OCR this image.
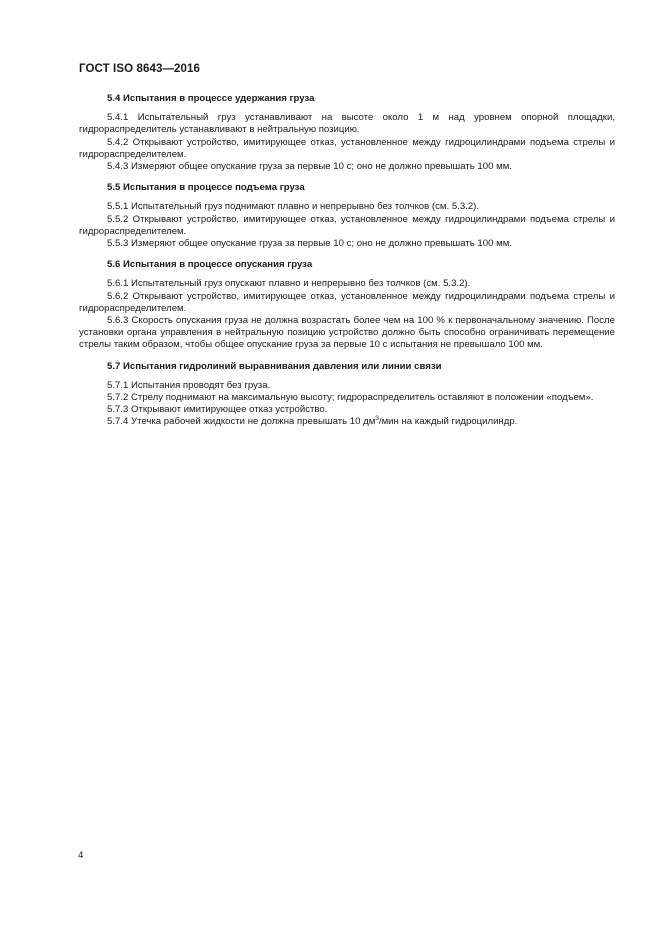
ГОСТ ISO 8643—2016

5.4 Испытания в процессе удержания груза

5.4.1 Испытательный груз устанавливают на высоте около 1 м над уровнем опорной площадки, гидрораспределитель устанавливают в нейтральную позицию.

5.4.2 Открывают устройство, имитирующее отказ, установленное между гидроцилиндрами подъема стрелы и гидрораспределителем.

5.4.3 Измеряют общее опускание груза за первые 10 с; оно не должно превышать 100 мм.

5.5 Испытания в процессе подъема груза

5.5.1 Испытательный груз поднимают плавно и непрерывно без толчков (см. 5.3.2).

5.5.2 Открывают устройство, имитирующее отказ, установленное между гидроцилиндрами подъема стрелы и гидрораспределителем.

5.5.3 Измеряют общее опускание груза за первые 10 с; оно не должно превышать 100 мм.

5.6 Испытания в процессе опускания груза

5.6.1 Испытательный груз опускают плавно и непрерывно без толчков (см. 5.3.2).

5.6.2 Открывают устройство, имитирующее отказ, установленное между гидроцилиндрами подъема стрелы и гидрораспределителем.

5.6.3 Скорость опускания груза не должна возрастать более чем на 100 % к первоначальному значению. После установки органа управления в нейтральную позицию устройство должно быть способно ограничивать перемещение стрелы таким образом, чтобы общее опускание груза за первые 10 с испытания не превышало 100 мм.

5.7 Испытания гидролиний выравнивания давления или линии связи

5.7.1 Испытания проводят без груза.

5.7.2 Стрелу поднимают на максимальную высоту; гидрораспределитель оставляют в положении «подъем».

5.7.3 Открывают имитирующее отказ устройство.

5.7.4 Утечка рабочей жидкости не должна превышать 10 $дм^3$/мин на каждый гидроцилиндр.

4
